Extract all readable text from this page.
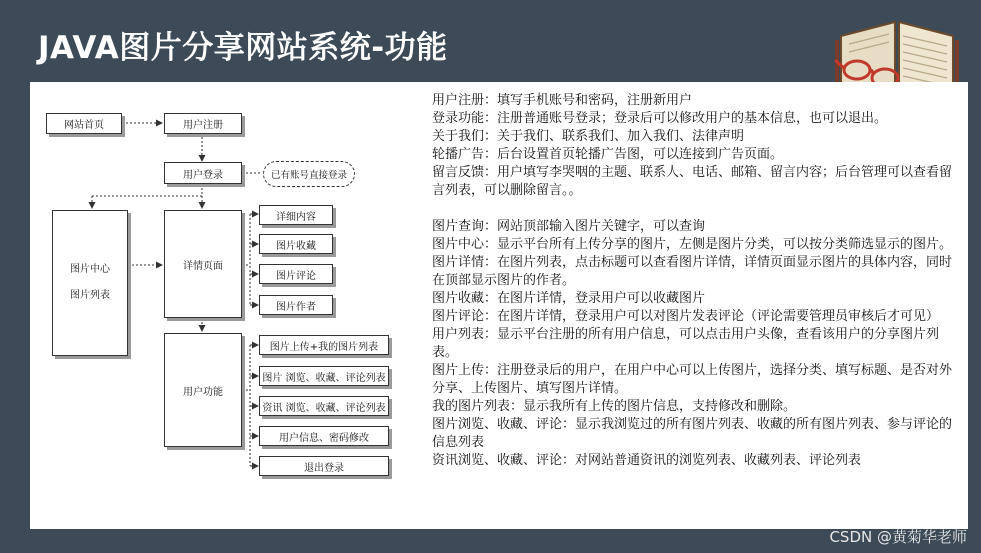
JAVA图片分享网站系统-功能
网站首页	用户注册
用户登录	已有账号直接登录
图片中心
图片列表
详情页面
详细内容
图片收藏
图片评论
图片作者
用户功能
图片上传+我的图片列表
图片 浏览、收藏、评论列表
资讯 浏览、收藏、评论列表
用户信息、密码修改
退出登录

用户注册：填写手机账号和密码，注册新用户

登录功能：注册普通账号登录；登录后可以修改用户的基本信息，也可以退出。

关于我们：关于我们、联系我们、加入我们、法律声明

轮播广告：后台设置首页轮播广告图，可以连接到广告页面。

留言反馈：用户填写李哭咽的主题、联系人、电话、邮箱、留言内容；后台管理可以查看留言列表，可以删除留言。。

图片查询：网站顶部输入图片关键字，可以查询

图片中心：显示平台所有上传分享的图片，左侧是图片分类，可以按分类筛选显示的图片。

图片详情：在图片列表，点击标题可以查看图片详情，详情页面显示图片的具体内容，同时在顶部显示图片的作者。

图片收藏：在图片详情，登录用户可以收藏图片

图片评论：在图片详情，登录用户可以对图片发表评论（评论需要管理员审核后才可见）

用户列表：显示平台注册的所有用户信息，可以点击用户头像，查看该用户的分享图片列表。

图片上传：注册登录后的用户，在用户中心可以上传图片，选择分类、填写标题、是否对外分享、上传图片、填写图片详情。

我的图片列表：显示我所有上传的图片信息，支持修改和删除。

图片浏览、收藏、评论：显示我浏览过的所有图片列表、收藏的所有图片列表、参与评论的信息列表

资讯浏览、收藏、评论：对网站普通资讯的浏览列表、收藏列表、评论列表

CSDN @黄菊华老师
